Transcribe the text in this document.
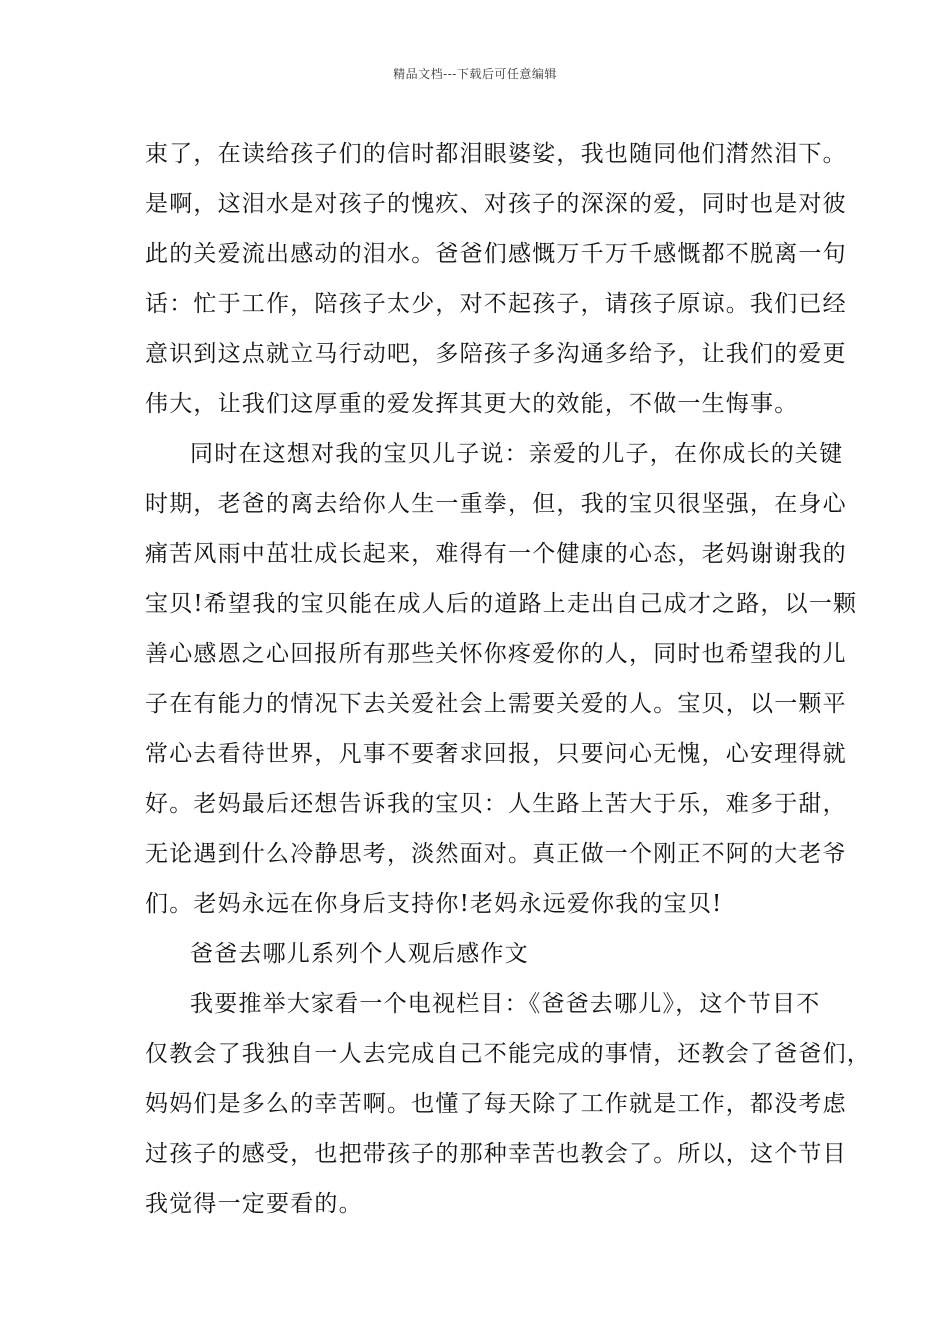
精品文档---下载后可任意编辑
束了，在读给孩子们的信时都泪眼婆娑，我也随同他们潸然泪下。
是啊，这泪水是对孩子的愧疚、对孩子的深深的爱，同时也是对彼
此的关爱流出感动的泪水。爸爸们感慨万千万千感慨都不脱离一句
话：忙于工作，陪孩子太少，对不起孩子，请孩子原谅。我们已经
意识到这点就立马行动吧，多陪孩子多沟通多给予，让我们的爱更
伟大，让我们这厚重的爱发挥其更大的效能，不做一生悔事。
同时在这想对我的宝贝儿子说：亲爱的儿子，在你成长的关键
时期，老爸的离去给你人生一重拳，但，我的宝贝很坚强，在身心
痛苦风雨中茁壮成长起来，难得有一个健康的心态，老妈谢谢我的
宝贝!希望我的宝贝能在成人后的道路上走出自己成才之路，以一颗
善心感恩之心回报所有那些关怀你疼爱你的人，同时也希望我的儿
子在有能力的情况下去关爱社会上需要关爱的人。宝贝，以一颗平
常心去看待世界，凡事不要奢求回报，只要问心无愧，心安理得就
好。老妈最后还想告诉我的宝贝：人生路上苦大于乐，难多于甜，
无论遇到什么冷静思考，淡然面对。真正做一个刚正不阿的大老爷
们。老妈永远在你身后支持你!老妈永远爱你我的宝贝!
爸爸去哪儿系列个人观后感作文
我要推举大家看一个电视栏目：《爸爸去哪儿》，这个节目不
仅教会了我独自一人去完成自己不能完成的事情，还教会了爸爸们，
妈妈们是多么的幸苦啊。也懂了每天除了工作就是工作，都没考虑
过孩子的感受，也把带孩子的那种幸苦也教会了。所以，这个节目
我觉得一定要看的。
